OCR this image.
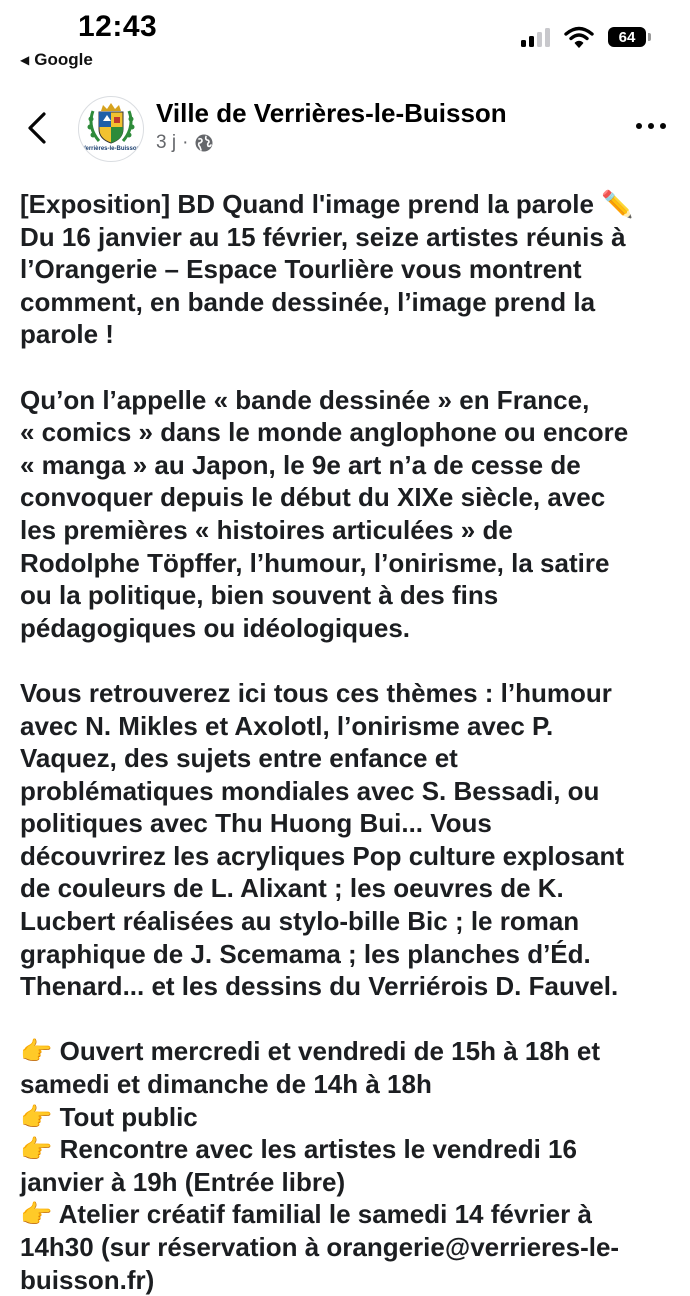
12:43
◀ Google
64
Verrières-le-Buisson
Ville de Verrières-le-Buisson
3 j ·

[Exposition] BD Quand l'image prend la parole ✏️

Du 16 janvier au 15 février, seize artistes réunis à

l’Orangerie – Espace Tourlière vous montrent

comment, en bande dessinée, l’image prend la

parole !

Qu’on l’appelle « bande dessinée » en France,

« comics » dans le monde anglophone ou encore

« manga » au Japon, le 9e art n’a de cesse de

convoquer depuis le début du XIXe siècle, avec

les premières « histoires articulées » de

Rodolphe Töpffer, l’humour, l’onirisme, la satire

ou la politique, bien souvent à des fins

pédagogiques ou idéologiques.

Vous retrouverez ici tous ces thèmes : l’humour

avec N. Mikles et Axolotl, l’onirisme avec P.

Vaquez, des sujets entre enfance et

problématiques mondiales avec S. Bessadi, ou

politiques avec Thu Huong Bui... Vous

découvrirez les acryliques Pop culture explosant

de couleurs de L. Alixant ; les oeuvres de K.

Lucbert réalisées au stylo-bille Bic ; le roman

graphique de J. Scemama ; les planches d’Éd.

Thenard... et les dessins du Verriérois D. Fauvel.

👉 Ouvert mercredi et vendredi de 15h à 18h et

samedi et dimanche de 14h à 18h

👉 Tout public

👉 Rencontre avec les artistes le vendredi 16

janvier à 19h (Entrée libre)

👉 Atelier créatif familial le samedi 14 février à

14h30 (sur réservation à orangerie@verrieres-le-

buisson.fr)
